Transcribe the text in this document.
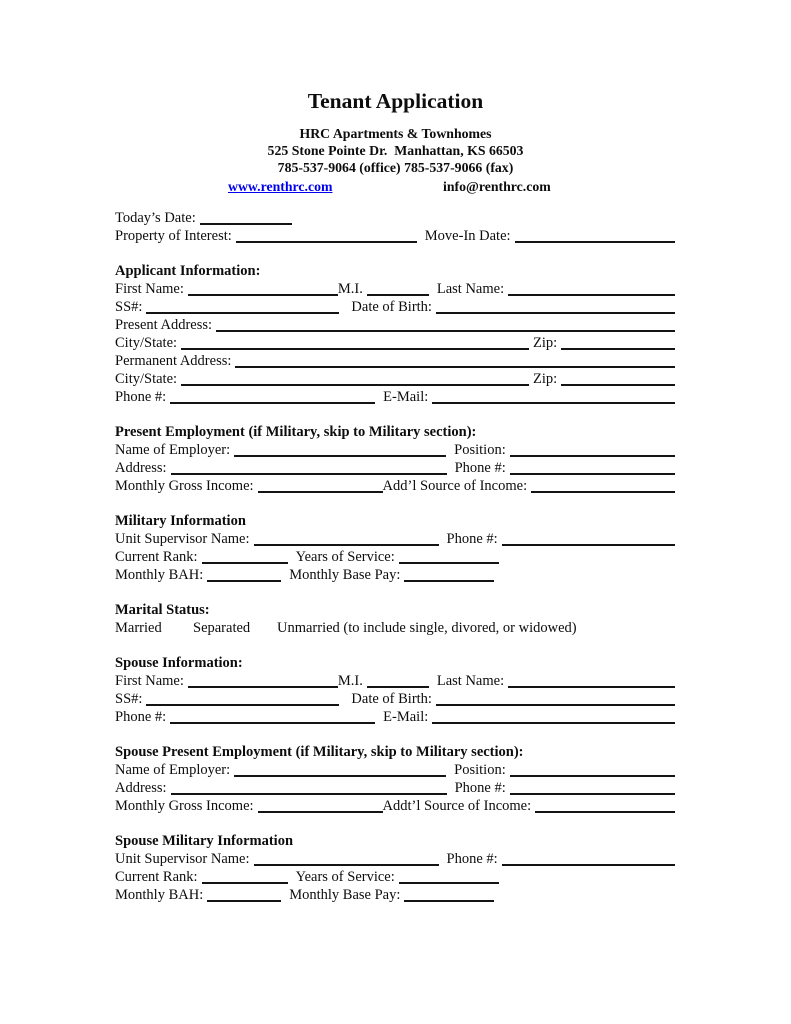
Tenant Application
HRC Apartments & Townhomes
525 Stone Pointe Dr.  Manhattan, KS 66503
785-537-9064 (office) 785-537-9066 (fax)
www.renthrc.com	info@renthrc.com
Today’s Date:
Property of Interest:	Move-In Date:
Applicant Information:
First Name:	M.I.	Last Name:
SS#:	Date of Birth:
Present Address:
City/State:	Zip:
Permanent Address:
City/State:	Zip:
Phone #:	E-Mail:
Present Employment (if Military, skip to Military section):
Name of Employer:	Position:
Address:	Phone #:
Monthly Gross Income:	Add’l Source of Income:
Military Information
Unit Supervisor Name:	Phone #:
Current Rank:	Years of Service:
Monthly BAH:	Monthly Base Pay:
Marital Status:
Married	Separated	Unmarried (to include single, divored, or widowed)
Spouse Information:
First Name:	M.I.	Last Name:
SS#:	Date of Birth:
Phone #:	E-Mail:
Spouse Present Employment (if Military, skip to Military section):
Name of Employer:	Position:
Address:	Phone #:
Monthly Gross Income:	Addt’l Source of Income:
Spouse Military Information
Unit Supervisor Name:	Phone #:
Current Rank:	Years of Service:
Monthly BAH:	Monthly Base Pay:
